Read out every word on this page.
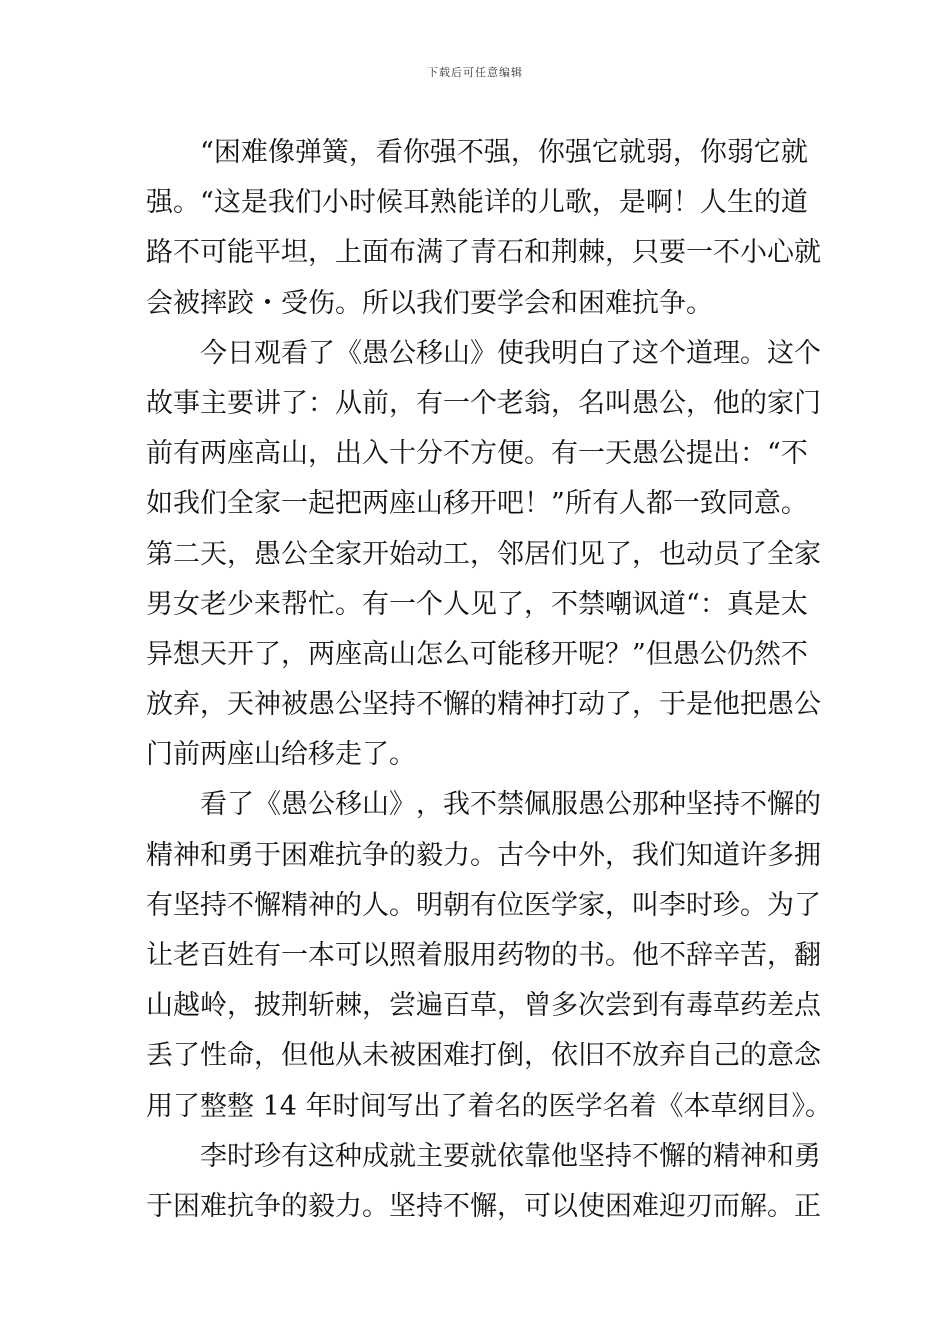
下载后可任意编辑
“ 困 难 像 弹 簧 ， 看 你 强 不 强 ， 你 强 它 就 弱 ， 你 弱 它 就
强 。 “ 这 是 我 们 小 时 候 耳 熟 能 详 的 儿 歌 ， 是 啊 ！ 人 生 的 道
路 不 可 能 平 坦 ， 上 面 布 满 了 青 石 和 荆 棘 ， 只 要 一 不 小 心 就
会被摔跤・受伤。所以我们要学会和困难抗争。
今 日 观 看 了 《 愚 公 移 山 》 使 我 明 白 了 这 个 道 理 。 这 个
故 事 主 要 讲 了 ： 从 前 ， 有 一 个 老 翁 ， 名 叫 愚 公 ， 他 的 家 门
前 有 两 座 高 山 ， 出 入 十 分 不 方 便 。 有 一 天 愚 公 提 出 ： “ 不
如 我 们 全 家 一 起 把 两 座 山 移 开 吧 ！ ” 所 有 人 都 一 致 同 意 。
第 二 天 ， 愚 公 全 家 开 始 动 工 ， 邻 居 们 见 了 ， 也 动 员 了 全 家
男 女 老 少 来 帮 忙 。 有 一 个 人 见 了 ， 不 禁 嘲 讽 道 “ ： 真 是 太
异 想 天 开 了 ， 两 座 高 山 怎 么 可 能 移 开 呢 ？ ” 但 愚 公 仍 然 不
放 弃 ， 天 神 被 愚 公 坚 持 不 懈 的 精 神 打 动 了 ， 于 是 他 把 愚 公
门前两座山给移走了。
看 了 《 愚 公 移 山 》 ， 我 不 禁 佩 服 愚 公 那 种 坚 持 不 懈 的
精 神 和 勇 于 困 难 抗 争 的 毅 力 。 古 今 中 外 ， 我 们 知 道 许 多 拥
有 坚 持 不 懈 精 神 的 人 。 明 朝 有 位 医 学 家 ， 叫 李 时 珍 。 为 了
让 老 百 姓 有 一 本 可 以 照 着 服 用 药 物 的 书 。 他 不 辞 辛 苦 ， 翻
山 越 岭 ， 披 荆 斩 棘 ， 尝 遍 百 草 ， 曾 多 次 尝 到 有 毒 草 药 差 点
丢 了 性 命 ， 但 他 从 未 被 困 难 打 倒 ， 依 旧 不 放 弃 自 己 的 意 念
用了整整 14 年时间写出了着名的医学名着《本草纲目》。
李 时 珍 有 这 种 成 就 主 要 就 依 靠 他 坚 持 不 懈 的 精 神 和 勇
于 困 难 抗 争 的 毅 力 。 坚 持 不 懈 ， 可 以 使 困 难 迎 刃 而 解 。 正
